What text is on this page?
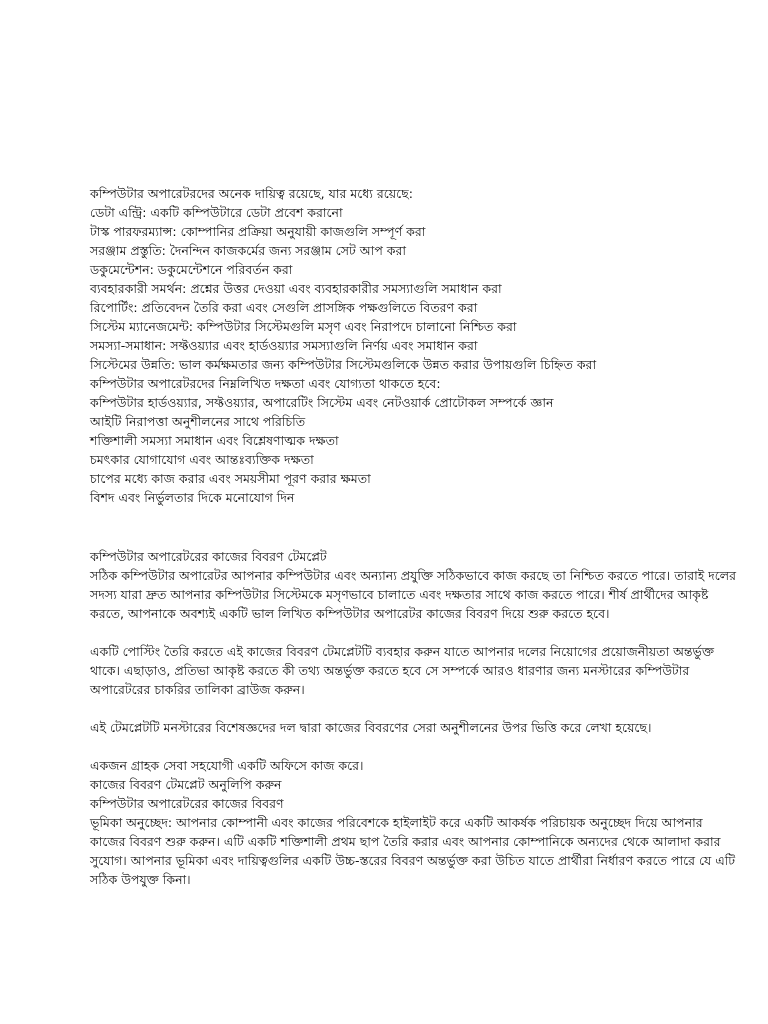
কম্পিউটার অপারেটরদের অনেক দায়িত্ব রয়েছে, যার মধ্যে রয়েছে:

ডেটা এন্ট্রি: একটি কম্পিউটারে ডেটা প্রবেশ করানো

টাস্ক পারফরম্যান্স: কোম্পানির প্রক্রিয়া অনুযায়ী কাজগুলি সম্পূর্ণ করা

সরঞ্জাম প্রস্তুতি: দৈনন্দিন কাজকর্মের জন্য সরঞ্জাম সেট আপ করা

ডকুমেন্টেশন: ডকুমেন্টেশনে পরিবর্তন করা

ব্যবহারকারী সমর্থন: প্রশ্নের উত্তর দেওয়া এবং ব্যবহারকারীর সমস্যাগুলি সমাধান করা

রিপোর্টিং: প্রতিবেদন তৈরি করা এবং সেগুলি প্রাসঙ্গিক পক্ষগুলিতে বিতরণ করা

সিস্টেম ম্যানেজমেন্ট: কম্পিউটার সিস্টেমগুলি মসৃণ এবং নিরাপদে চালানো নিশ্চিত করা

সমস্যা-সমাধান: সফ্টওয়্যার এবং হার্ডওয়্যার সমস্যাগুলি নির্ণয় এবং সমাধান করা

সিস্টেমের উন্নতি: ভাল কর্মক্ষমতার জন্য কম্পিউটার সিস্টেমগুলিকে উন্নত করার উপায়গুলি চিহ্নিত করা

কম্পিউটার অপারেটরদের নিম্নলিখিত দক্ষতা এবং যোগ্যতা থাকতে হবে:

কম্পিউটার হার্ডওয়্যার, সফ্টওয়্যার, অপারেটিং সিস্টেম এবং নেটওয়ার্ক প্রোটোকল সম্পর্কে জ্ঞান

আইটি নিরাপত্তা অনুশীলনের সাথে পরিচিতি

শক্তিশালী সমস্যা সমাধান এবং বিশ্লেষণাত্মক দক্ষতা

চমৎকার যোগাযোগ এবং আন্তঃব্যক্তিক দক্ষতা

চাপের মধ্যে কাজ করার এবং সময়সীমা পূরণ করার ক্ষমতা

বিশদ এবং নির্ভুলতার দিকে মনোযোগ দিন

কম্পিউটার অপারেটরের কাজের বিবরণ টেমপ্লেট

সঠিক কম্পিউটার অপারেটর আপনার কম্পিউটার এবং অন্যান্য প্রযুক্তি সঠিকভাবে কাজ করছে তা নিশ্চিত করতে পারে। তারাই দলের সদস্য যারা দ্রুত আপনার কম্পিউটার সিস্টেমকে মসৃণভাবে চালাতে এবং দক্ষতার সাথে কাজ করতে পারে। শীর্ষ প্রার্থীদের আকৃষ্ট করতে, আপনাকে অবশ্যই একটি ভাল লিখিত কম্পিউটার অপারেটর কাজের বিবরণ দিয়ে শুরু করতে হবে।

একটি পোস্টিং তৈরি করতে এই কাজের বিবরণ টেমপ্লেটটি ব্যবহার করুন যাতে আপনার দলের নিয়োগের প্রয়োজনীয়তা অন্তর্ভুক্ত থাকে। এছাড়াও, প্রতিভা আকৃষ্ট করতে কী তথ্য অন্তর্ভুক্ত করতে হবে সে সম্পর্কে আরও ধারণার জন্য মনস্টারের কম্পিউটার অপারেটরের চাকরির তালিকা ব্রাউজ করুন।

এই টেমপ্লেটটি মনস্টারের বিশেষজ্ঞদের দল দ্বারা কাজের বিবরণের সেরা অনুশীলনের উপর ভিত্তি করে লেখা হয়েছে।

একজন গ্রাহক সেবা সহযোগী একটি অফিসে কাজ করে।

কাজের বিবরণ টেমপ্লেট অনুলিপি করুন

কম্পিউটার অপারেটরের কাজের বিবরণ

ভূমিকা অনুচ্ছেদ: আপনার কোম্পানী এবং কাজের পরিবেশকে হাইলাইট করে একটি আকর্ষক পরিচায়ক অনুচ্ছেদ দিয়ে আপনার কাজের বিবরণ শুরু করুন। এটি একটি শক্তিশালী প্রথম ছাপ তৈরি করার এবং আপনার কোম্পানিকে অন্যদের থেকে আলাদা করার সুযোগ। আপনার ভূমিকা এবং দায়িত্বগুলির একটি উচ্চ-স্তরের বিবরণ অন্তর্ভুক্ত করা উচিত যাতে প্রার্থীরা নির্ধারণ করতে পারে যে এটি সঠিক উপযুক্ত কিনা।
